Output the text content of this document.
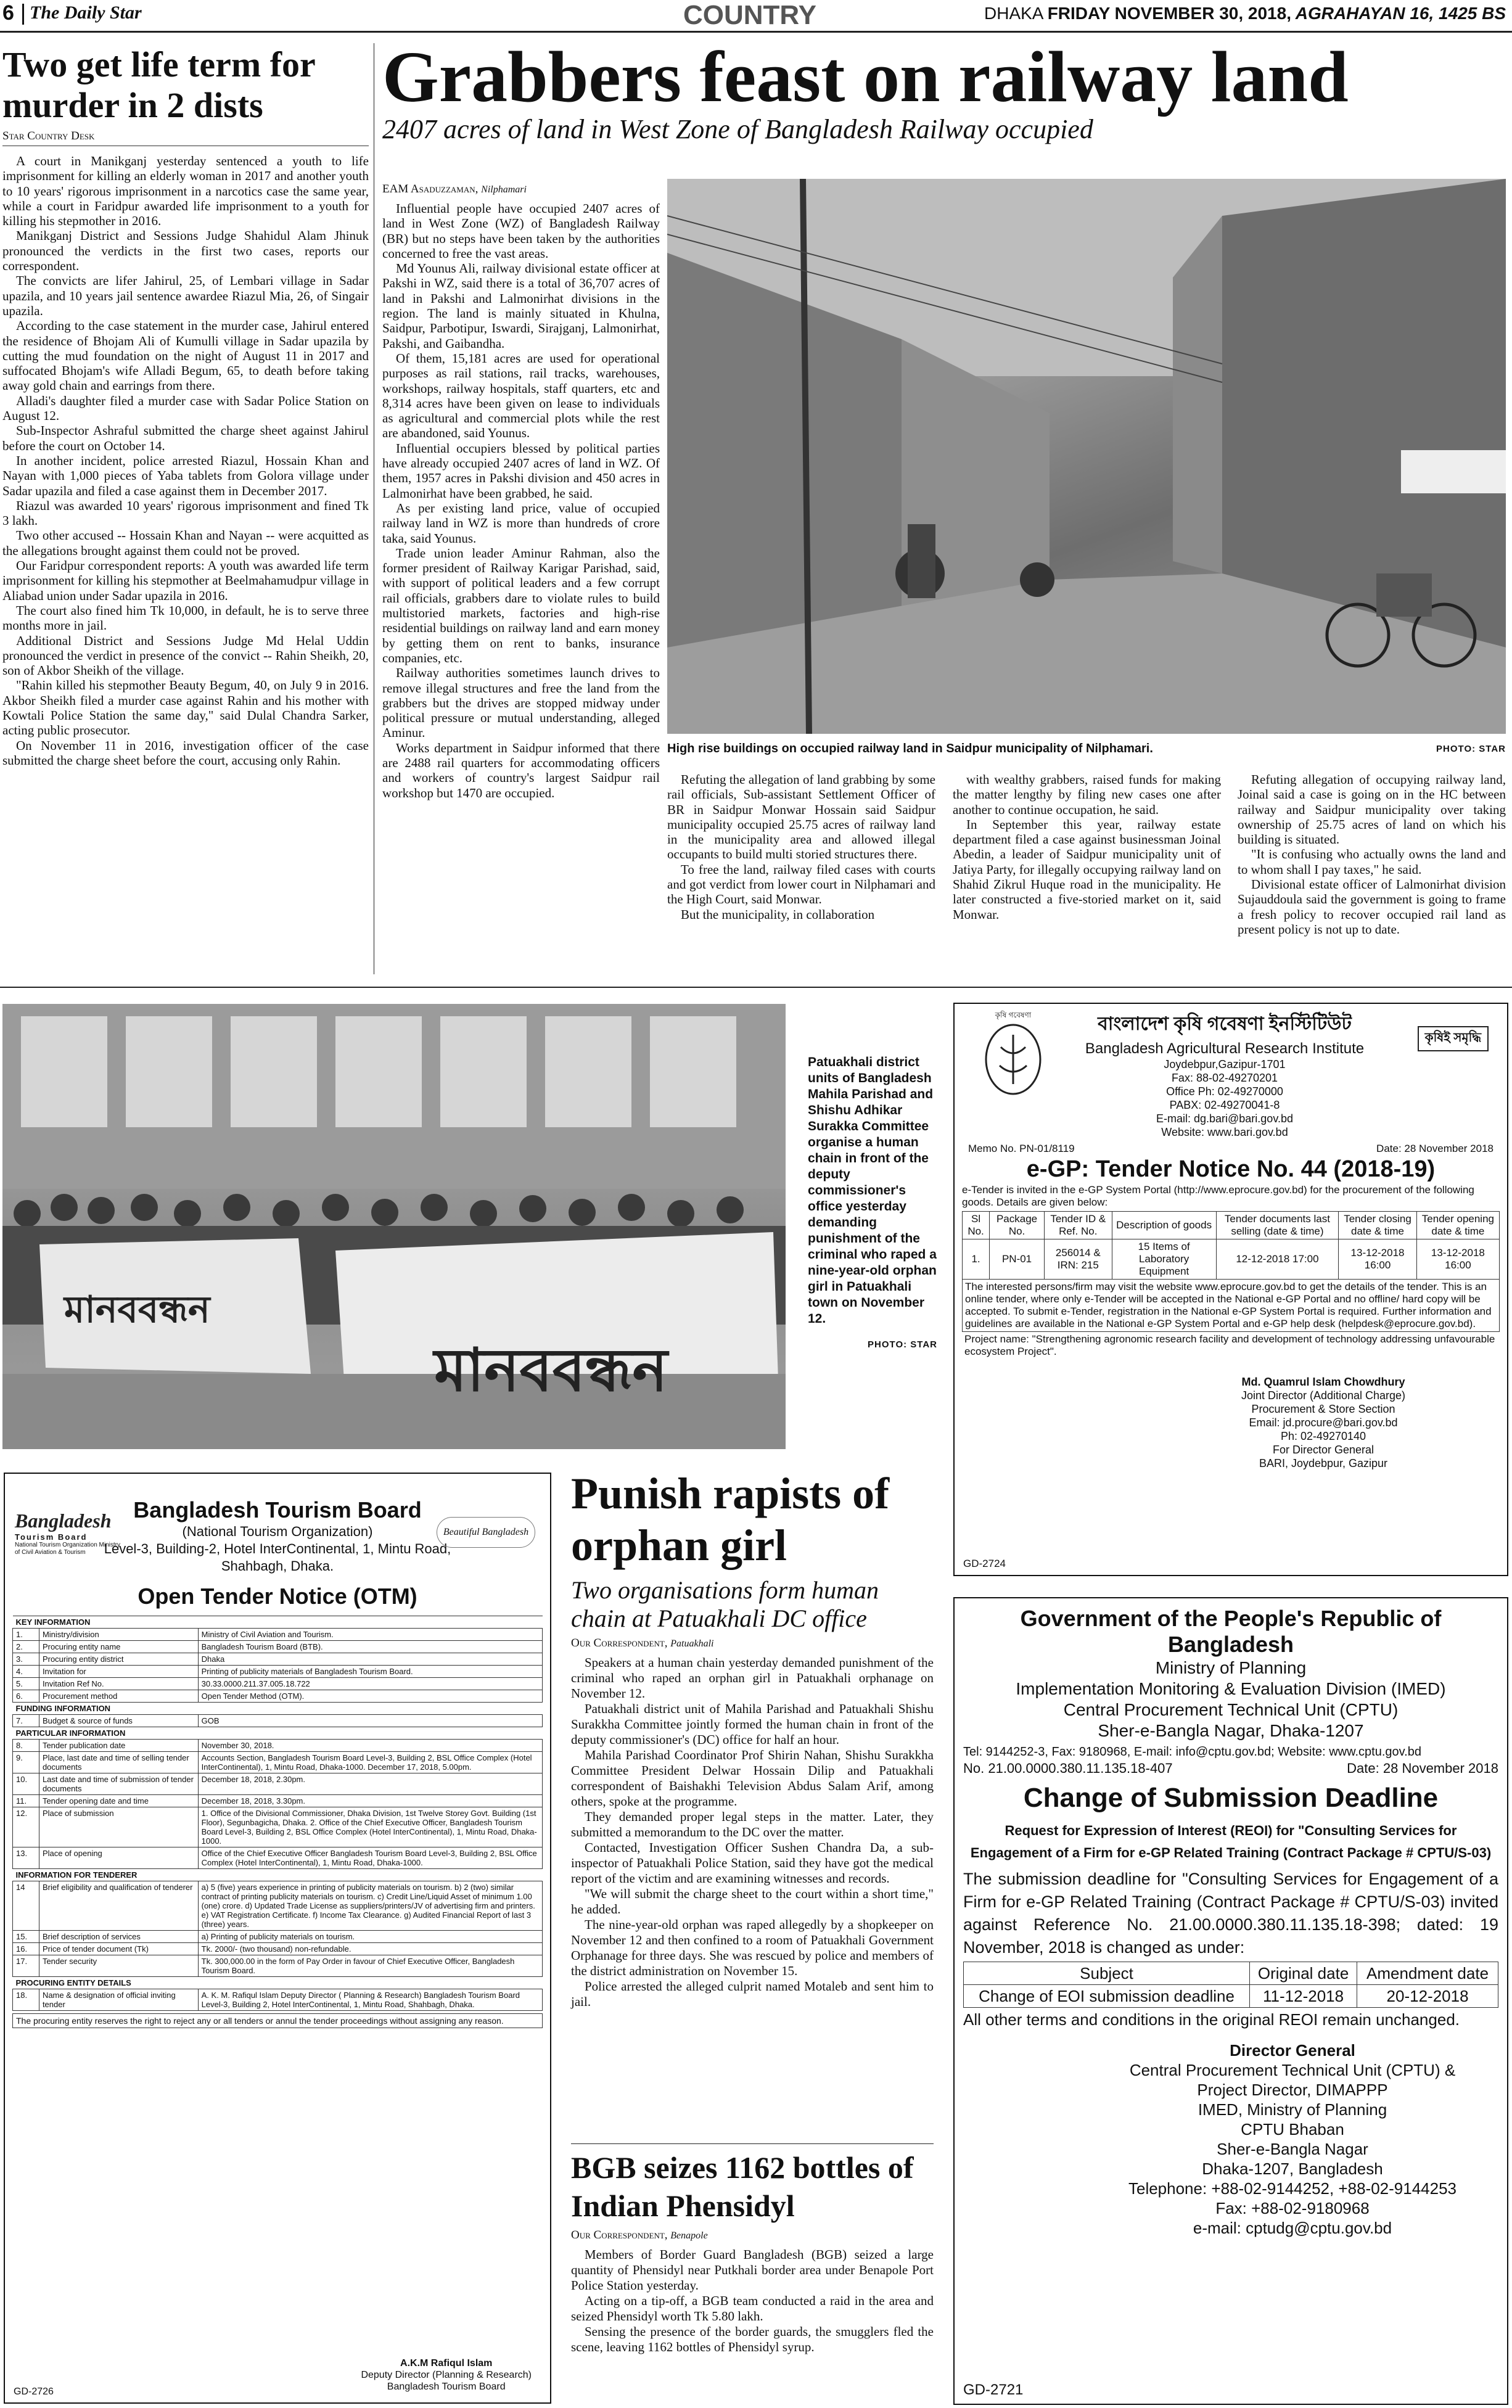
6 The Daily Star	COUNTRY	DHAKA FRIDAY NOVEMBER 30, 2018, AGRAHAYAN 16, 1425 BS
Two get life term for murder in 2 dists
Star Country Desk

A court in Manikganj yesterday sentenced a youth to life imprisonment for killing an elderly woman in 2017 and another youth to 10 years' rigorous imprisonment in a narcotics case the same year, while a court in Faridpur awarded life imprisonment to a youth for killing his stepmother in 2016.

Manikganj District and Sessions Judge Shahidul Alam Jhinuk pronounced the verdicts in the first two cases, reports our correspondent.

The convicts are lifer Jahirul, 25, of Lembari village in Sadar upazila, and 10 years jail sentence awardee Riazul Mia, 26, of Singair upazila.

According to the case statement in the murder case, Jahirul entered the residence of Bhojam Ali of Kumulli village in Sadar upazila by cutting the mud foundation on the night of August 11 in 2017 and suffocated Bhojam's wife Alladi Begum, 65, to death before taking away gold chain and earrings from there.

Alladi's daughter filed a murder case with Sadar Police Station on August 12.

Sub-Inspector Ashraful submitted the charge sheet against Jahirul before the court on October 14.

In another incident, police arrested Riazul, Hossain Khan and Nayan with 1,000 pieces of Yaba tablets from Golora village under Sadar upazila and filed a case against them in December 2017.

Riazul was awarded 10 years' rigorous imprisonment and fined Tk 3 lakh.

Two other accused -- Hossain Khan and Nayan -- were acquitted as the allegations brought against them could not be proved.

Our Faridpur correspondent reports: A youth was awarded life term imprisonment for killing his stepmother at Beelmahamudpur village in Aliabad union under Sadar upazila in 2016.

The court also fined him Tk 10,000, in default, he is to serve three months more in jail.

Additional District and Sessions Judge Md Helal Uddin pronounced the verdict in presence of the convict -- Rahin Sheikh, 20, son of Akbor Sheikh of the village.

"Rahin killed his stepmother Beauty Begum, 40, on July 9 in 2016. Akbor Sheikh filed a murder case against Rahin and his mother with Kowtali Police Station the same day," said Dulal Chandra Sarker, acting public prosecutor.

On November 11 in 2016, investigation officer of the case submitted the charge sheet before the court, accusing only Rahin.

Grabbers feast on railway land
2407 acres of land in West Zone of Bangladesh Railway occupied
EAM Asaduzzaman, Nilphamari

Influential people have occupied 2407 acres of land in West Zone (WZ) of Bangladesh Railway (BR) but no steps have been taken by the authorities concerned to free the vast areas.

Md Younus Ali, railway divisional estate officer at Pakshi in WZ, said there is a total of 36,707 acres of land in Pakshi and Lalmonirhat divisions in the region. The land is mainly situated in Khulna, Saidpur, Parbotipur, Iswardi, Sirajganj, Lalmonirhat, Pakshi, and Gaibandha.

Of them, 15,181 acres are used for operational purposes as rail stations, rail tracks, warehouses, workshops, railway hospitals, staff quarters, etc and 8,314 acres have been given on lease to individuals as agricultural and commercial plots while the rest are abandoned, said Younus.

Influential occupiers blessed by political parties have already occupied 2407 acres of land in WZ. Of them, 1957 acres in Pakshi division and 450 acres in Lalmonirhat have been grabbed, he said.

As per existing land price, value of occupied railway land in WZ is more than hundreds of crore taka, said Younus.

Trade union leader Aminur Rahman, also the former president of Railway Karigar Parishad, said, with support of political leaders and a few corrupt rail officials, grabbers dare to violate rules to build multistoried markets, factories and high-rise residential buildings on railway land and earn money by getting them on rent to banks, insurance companies, etc.

Railway authorities sometimes launch drives to remove illegal structures and free the land from the grabbers but the drives are stopped midway under political pressure or mutual understanding, alleged Aminur.

Works department in Saidpur informed that there are 2488 rail quarters for accommodating officers and workers of country's largest Saidpur rail workshop but 1470 are occupied.

High rise buildings on occupied railway land in Saidpur municipality of Nilphamari.	PHOTO: STAR

Refuting the allegation of land grabbing by some rail officials, Sub-assistant Settlement Officer of BR in Saidpur Monwar Hossain said Saidpur municipality occupied 25.75 acres of railway land in the municipality area and allowed illegal occupants to build multi storied structures there.

To free the land, railway filed cases with courts and got verdict from lower court in Nilphamari and the High Court, said Monwar.

But the municipality, in collaboration

with wealthy grabbers, raised funds for making the matter lengthy by filing new cases one after another to continue occupation, he said.

In September this year, railway estate department filed a case against businessman Joinal Abedin, a leader of Saidpur municipality unit of Jatiya Party, for illegally occupying railway land on Shahid Zikrul Huque road in the municipality. He later constructed a five-storied market on it, said Monwar.

Refuting allegation of occupying railway land, Joinal said a case is going on in the HC between railway and Saidpur municipality over taking ownership of 25.75 acres of land on which his building is situated.

"It is confusing who actually owns the land and to whom shall I pay taxes," he said.

Divisional estate officer of Lalmonirhat division Sujauddoula said the government is going to frame a fresh policy to recover occupied rail land as present policy is not up to date.

মানববন্ধন
মানববন্ধন
Patuakhali district units of Bangladesh Mahila Parishad and Shishu Adhikar Surakka Committee organise a human chain in front of the deputy commissioner's office yesterday demanding punishment of the criminal who raped a nine-year-old orphan girl in Patuakhali town on November 12.
PHOTO: STAR
Bangladesh
Tourism Board
National Tourism Organization Ministry of Civil Aviation & Tourism
Beautiful Bangladesh
Bangladesh Tourism Board
(National Tourism Organization)
Level-3, Building-2, Hotel InterContinental, 1, Mintu Road,
Shahbagh, Dhaka.
Open Tender Notice (OTM)
KEY INFORMATION		
1.	Ministry/division	Ministry of Civil Aviation and Tourism.
2.	Procuring entity name	Bangladesh Tourism Board (BTB).
3.	Procuring entity district	Dhaka
4.	Invitation for	Printing of publicity materials of Bangladesh Tourism Board.
5.	Invitation Ref No.	30.33.0000.211.37.005.18.722
6.	Procurement method	Open Tender Method (OTM).
FUNDING INFORMATION		
7.	Budget & source of funds	GOB
PARTICULAR INFORMATION		
8.	Tender publication date	November 30, 2018.
9.	Place, last date and time of selling tender documents	Accounts Section, Bangladesh Tourism Board Level-3, Building 2, BSL Office Complex (Hotel InterContinental), 1, Mintu Road, Dhaka-1000. December 17, 2018, 5.00pm.
10.	Last date and time of submission of tender documents	December 18, 2018, 2.30pm.
11.	Tender opening date and time	December 18, 2018, 3.30pm.
12.	Place of submission	1. Office of the Divisional Commissioner, Dhaka Division, 1st Twelve Storey Govt. Building (1st Floor), Segunbagicha, Dhaka. 2. Office of the Chief Executive Officer, Bangladesh Tourism Board Level-3, Building 2, BSL Office Complex (Hotel InterContinental), 1, Mintu Road, Dhaka-1000.
13.	Place of opening	Office of the Chief Executive Officer Bangladesh Tourism Board Level-3, Building 2, BSL Office Complex (Hotel InterContinental), 1, Mintu Road, Dhaka-1000.
INFORMATION FOR TENDERER		
14	Brief eligibility and qualification of tenderer	a) 5 (five) years experience in printing of publicity materials on tourism. b) 2 (two) similar contract of printing publicity materials on tourism. c) Credit Line/Liquid Asset of minimum 1.00 (one) crore. d) Updated Trade License as suppliers/printers/JV of advertising firm and printers. e) VAT Registration Certificate. f) Income Tax Clearance. g) Audited Financial Report of last 3 (three) years.
15.	Brief description of services	a) Printing of publicity materials on tourism.
16.	Price of tender document (Tk)	Tk. 2000/- (two thousand) non-refundable.
17.	Tender security	Tk. 300,000.00 in the form of Pay Order in favour of Chief Executive Officer, Bangladesh Tourism Board.
PROCURING ENTITY DETAILS		
18.	Name & designation of official inviting tender	A. K. M. Rafiqul Islam Deputy Director ( Planning & Research) Bangladesh Tourism Board Level-3, Building 2, Hotel InterContinental, 1, Mintu Road, Shahbagh, Dhaka.
The procuring entity reserves the right to reject any or all tenders or annul the tender proceedings without assigning any reason.
A.K.M Rafiqul Islam
Deputy Director (Planning & Research)
Bangladesh Tourism Board
GD-2726
Punish rapists of orphan girl
Two organisations form human chain at Patuakhali DC office
Our Correspondent, Patuakhali

Speakers at a human chain yesterday demanded punishment of the criminal who raped an orphan girl in Patuakhali orphanage on November 12.

Patuakhali district unit of Mahila Parishad and Patuakhali Shishu Surakkha Committee jointly formed the human chain in front of the deputy commissioner's (DC) office for half an hour.

Mahila Parishad Coordinator Prof Shirin Nahan, Shishu Surakkha Committee President Delwar Hossain Dilip and Patuakhali correspondent of Baishakhi Television Abdus Salam Arif, among others, spoke at the programme.

They demanded proper legal steps in the matter. Later, they submitted a memorandum to the DC over the matter.

Contacted, Investigation Officer Sushen Chandra Da, a sub-inspector of Patuakhali Police Station, said they have got the medical report of the victim and are examining witnesses and records.

"We will submit the charge sheet to the court within a short time," he added.

The nine-year-old orphan was raped allegedly by a shopkeeper on November 12 and then confined to a room of Patuakhali Government Orphanage for three days. She was rescued by police and members of the district administration on November 15.

Police arrested the alleged culprit named Motaleb and sent him to jail.

BGB seizes 1162 bottles of Indian Phensidyl
Our Correspondent, Benapole

Members of Border Guard Bangladesh (BGB) seized a large quantity of Phensidyl near Putkhali border area under Benapole Port Police Station yesterday.

Acting on a tip-off, a BGB team conducted a raid in the area and seized Phensidyl worth Tk 5.80 lakh.

Sensing the presence of the border guards, the smugglers fled the scene, leaving 1162 bottles of Phensidyl syrup.

কৃষি গবেষণা
কৃষিই সমৃদ্ধি
বাংলাদেশ কৃষি গবেষণা ইনস্টিটিউট
Bangladesh Agricultural Research Institute
Joydebpur,Gazipur-1701
Fax: 88-02-49270201
Office Ph: 02-49270000
PABX: 02-49270041-8
E-mail: dg.bari@bari.gov.bd
Website: www.bari.gov.bd
Memo No. PN-01/8119	Date: 28 November 2018
e-GP: Tender Notice No. 44 (2018-19)
e-Tender is invited in the e-GP System Portal (http://www.eprocure.gov.bd) for the procurement of the following goods. Details are given below:
Sl No.	Package No.	Tender ID & Ref. No.	Description of goods	Tender documents last selling (date & time)	Tender closing date & time	Tender opening date & time
1.	PN-01	256014 & IRN: 215	15 Items of Laboratory Equipment	12-12-2018 17:00	13-12-2018 16:00	13-12-2018 16:00
The interested persons/firm may visit the website www.eprocure.gov.bd to get the details of the tender. This is an online tender, where only e-Tender will be accepted in the National e-GP Portal and no offline/ hard copy will be accepted. To submit e-Tender, registration in the National e-GP System Portal is required. Further information and guidelines are available in the National e-GP System Portal and e-GP help desk (helpdesk@eprocure.gov.bd).
Project name: "Strengthening agronomic research facility and development of technology addressing unfavourable ecosystem Project".
Md. Quamrul Islam Chowdhury
Joint Director (Additional Charge)
Procurement & Store Section
Email: jd.procure@bari.gov.bd
Ph: 02-49270140
For Director General
BARI, Joydebpur, Gazipur
GD-2724
Government of the People's Republic of Bangladesh
Ministry of Planning
Implementation Monitoring & Evaluation Division (IMED)
Central Procurement Technical Unit (CPTU)
Sher-e-Bangla Nagar, Dhaka-1207
Tel: 9144252-3, Fax: 9180968, E-mail: info@cptu.gov.bd; Website: www.cptu.gov.bd
No. 21.00.0000.380.11.135.18-407	Date: 28 November 2018
Change of Submission Deadline
Request for Expression of Interest (REOI) for "Consulting Services for Engagement of a Firm for e-GP Related Training (Contract Package # CPTU/S-03)
The submission deadline for "Consulting Services for Engagement of a Firm for e-GP Related Training (Contract Package # CPTU/S-03) invited against Reference No. 21.00.0000.380.11.135.18-398; dated: 19 November, 2018 is changed as under:
Subject	Original date	Amendment date
Change of EOI submission deadline	11-12-2018	20-12-2018
All other terms and conditions in the original REOI remain unchanged.
Director General
Central Procurement Technical Unit (CPTU) &
Project Director, DIMAPPP
IMED, Ministry of Planning
CPTU Bhaban
Sher-e-Bangla Nagar
Dhaka-1207, Bangladesh
Telephone: +88-02-9144252, +88-02-9144253
Fax: +88-02-9180968
e-mail: cptudg@cptu.gov.bd
GD-2721
